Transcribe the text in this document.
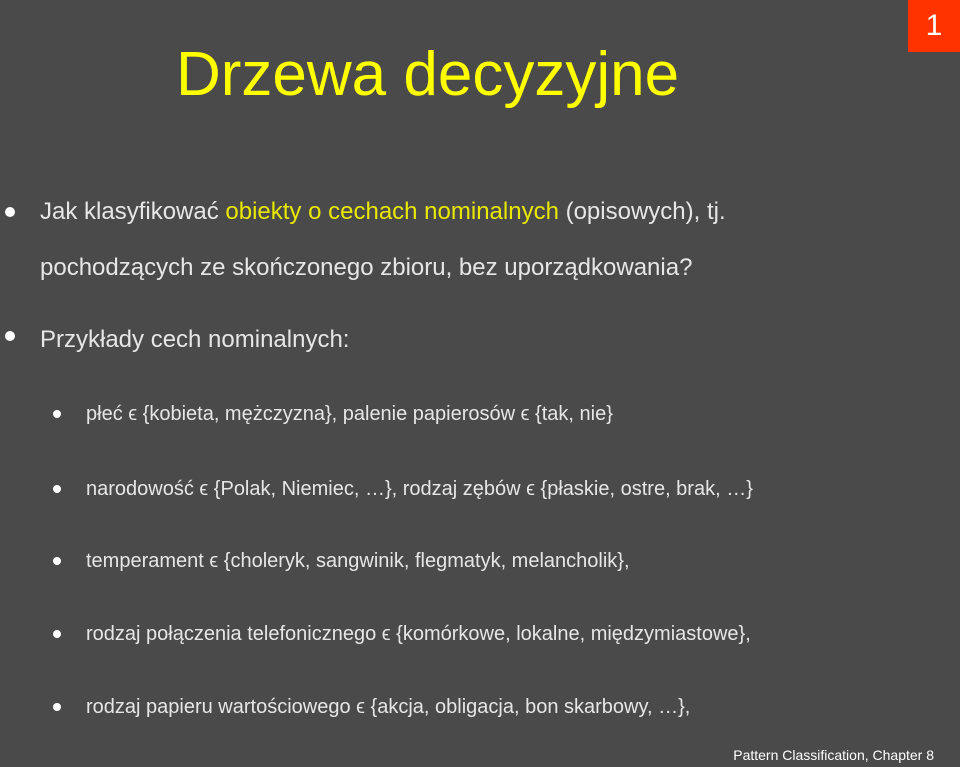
1
Drzewa decyzyjne
Jak klasyfikować obiekty o cechach nominalnych (opisowych), tj.
pochodzących ze skończonego zbioru, bez uporządkowania?
Przykłady cech nominalnych:
płeć ϵ {kobieta, mężczyzna}, palenie papierosów ϵ {tak, nie}
narodowość ϵ {Polak, Niemiec, …}, rodzaj zębów ϵ {płaskie, ostre, brak, …}
temperament ϵ {choleryk, sangwinik, flegmatyk, melancholik},
rodzaj połączenia telefonicznego ϵ {komórkowe, lokalne, międzymiastowe},
rodzaj papieru wartościowego ϵ {akcja, obligacja, bon skarbowy, …},
Pattern Classification, Chapter 8
